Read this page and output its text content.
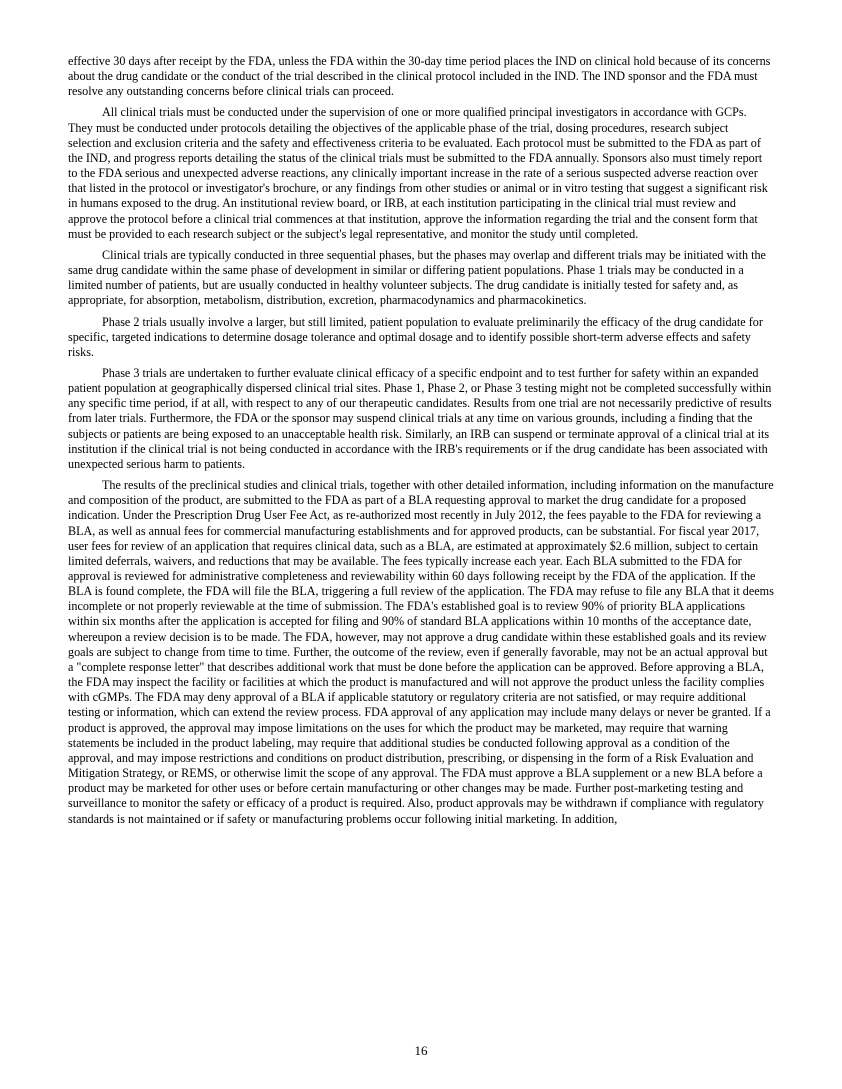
effective 30 days after receipt by the FDA, unless the FDA within the 30-day time period places the IND on clinical hold because of its concerns about the drug candidate or the conduct of the trial described in the clinical protocol included in the IND. The IND sponsor and the FDA must resolve any outstanding concerns before clinical trials can proceed.

All clinical trials must be conducted under the supervision of one or more qualified principal investigators in accordance with GCPs. They must be conducted under protocols detailing the objectives of the applicable phase of the trial, dosing procedures, research subject selection and exclusion criteria and the safety and effectiveness criteria to be evaluated. Each protocol must be submitted to the FDA as part of the IND, and progress reports detailing the status of the clinical trials must be submitted to the FDA annually. Sponsors also must timely report to the FDA serious and unexpected adverse reactions, any clinically important increase in the rate of a serious suspected adverse reaction over that listed in the protocol or investigator's brochure, or any findings from other studies or animal or in vitro testing that suggest a significant risk in humans exposed to the drug. An institutional review board, or IRB, at each institution participating in the clinical trial must review and approve the protocol before a clinical trial commences at that institution, approve the information regarding the trial and the consent form that must be provided to each research subject or the subject's legal representative, and monitor the study until completed.

Clinical trials are typically conducted in three sequential phases, but the phases may overlap and different trials may be initiated with the same drug candidate within the same phase of development in similar or differing patient populations. Phase 1 trials may be conducted in a limited number of patients, but are usually conducted in healthy volunteer subjects. The drug candidate is initially tested for safety and, as appropriate, for absorption, metabolism, distribution, excretion, pharmacodynamics and pharmacokinetics.

Phase 2 trials usually involve a larger, but still limited, patient population to evaluate preliminarily the efficacy of the drug candidate for specific, targeted indications to determine dosage tolerance and optimal dosage and to identify possible short-term adverse effects and safety risks.

Phase 3 trials are undertaken to further evaluate clinical efficacy of a specific endpoint and to test further for safety within an expanded patient population at geographically dispersed clinical trial sites. Phase 1, Phase 2, or Phase 3 testing might not be completed successfully within any specific time period, if at all, with respect to any of our therapeutic candidates. Results from one trial are not necessarily predictive of results from later trials. Furthermore, the FDA or the sponsor may suspend clinical trials at any time on various grounds, including a finding that the subjects or patients are being exposed to an unacceptable health risk. Similarly, an IRB can suspend or terminate approval of a clinical trial at its institution if the clinical trial is not being conducted in accordance with the IRB's requirements or if the drug candidate has been associated with unexpected serious harm to patients.

The results of the preclinical studies and clinical trials, together with other detailed information, including information on the manufacture and composition of the product, are submitted to the FDA as part of a BLA requesting approval to market the drug candidate for a proposed indication. Under the Prescription Drug User Fee Act, as re-authorized most recently in July 2012, the fees payable to the FDA for reviewing a BLA, as well as annual fees for commercial manufacturing establishments and for approved products, can be substantial. For fiscal year 2017, user fees for review of an application that requires clinical data, such as a BLA, are estimated at approximately $2.6 million, subject to certain limited deferrals, waivers, and reductions that may be available. The fees typically increase each year. Each BLA submitted to the FDA for approval is reviewed for administrative completeness and reviewability within 60 days following receipt by the FDA of the application. If the BLA is found complete, the FDA will file the BLA, triggering a full review of the application. The FDA may refuse to file any BLA that it deems incomplete or not properly reviewable at the time of submission. The FDA's established goal is to review 90% of priority BLA applications within six months after the application is accepted for filing and 90% of standard BLA applications within 10 months of the acceptance date, whereupon a review decision is to be made. The FDA, however, may not approve a drug candidate within these established goals and its review goals are subject to change from time to time. Further, the outcome of the review, even if generally favorable, may not be an actual approval but a "complete response letter" that describes additional work that must be done before the application can be approved. Before approving a BLA, the FDA may inspect the facility or facilities at which the product is manufactured and will not approve the product unless the facility complies with cGMPs. The FDA may deny approval of a BLA if applicable statutory or regulatory criteria are not satisfied, or may require additional testing or information, which can extend the review process. FDA approval of any application may include many delays or never be granted. If a product is approved, the approval may impose limitations on the uses for which the product may be marketed, may require that warning statements be included in the product labeling, may require that additional studies be conducted following approval as a condition of the approval, and may impose restrictions and conditions on product distribution, prescribing, or dispensing in the form of a Risk Evaluation and Mitigation Strategy, or REMS, or otherwise limit the scope of any approval. The FDA must approve a BLA supplement or a new BLA before a product may be marketed for other uses or before certain manufacturing or other changes may be made. Further post-marketing testing and surveillance to monitor the safety or efficacy of a product is required. Also, product approvals may be withdrawn if compliance with regulatory standards is not maintained or if safety or manufacturing problems occur following initial marketing. In addition,

16
